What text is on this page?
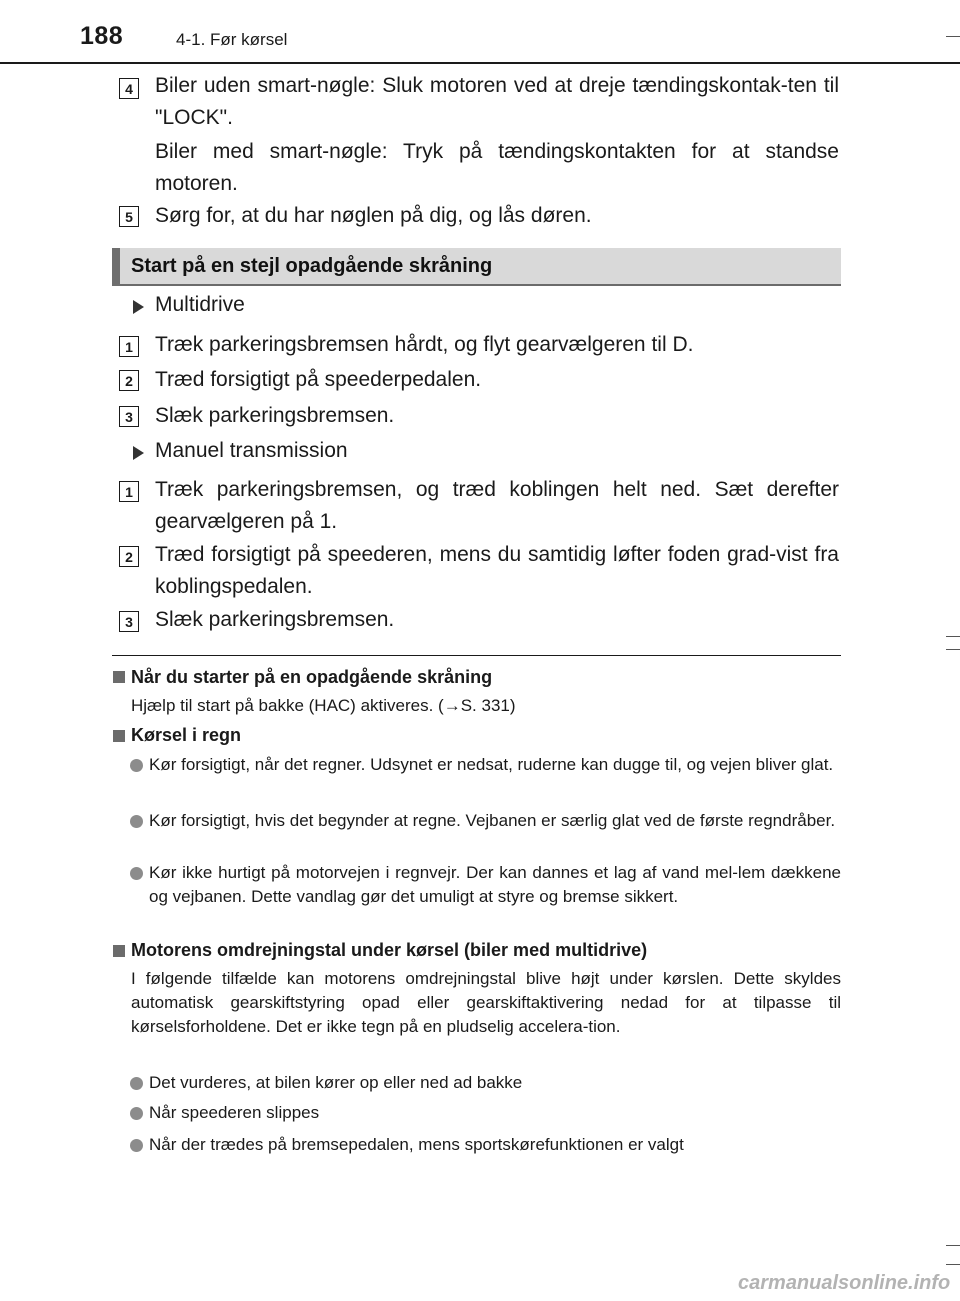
188	4-1. Før kørsel
4 Biler uden smart-nøgle: Sluk motoren ved at dreje tændingskontak-ten til "LOCK".
Biler med smart-nøgle: Tryk på tændingskontakten for at standse motoren.
5 Sørg for, at du har nøglen på dig, og lås døren.
Start på en stejl opadgående skråning
Multidrive
1 Træk parkeringsbremsen hårdt, og flyt gearvælgeren til D.
2 Træd forsigtigt på speederpedalen.
3 Slæk parkeringsbremsen.
Manuel transmission
1 Træk parkeringsbremsen, og træd koblingen helt ned. Sæt derefter gearvælgeren på 1.
2 Træd forsigtigt på speederen, mens du samtidig løfter foden grad-vist fra koblingspedalen.
3 Slæk parkeringsbremsen.
Når du starter på en opadgående skråning
Hjælp til start på bakke (HAC) aktiveres. (→S. 331)
Kørsel i regn
Kør forsigtigt, når det regner. Udsynet er nedsat, ruderne kan dugge til, og vejen bliver glat.
Kør forsigtigt, hvis det begynder at regne. Vejbanen er særlig glat ved de første regndråber.
Kør ikke hurtigt på motorvejen i regnvejr. Der kan dannes et lag af vand mel-lem dækkene og vejbanen. Dette vandlag gør det umuligt at styre og bremse sikkert.
Motorens omdrejningstal under kørsel (biler med multidrive)
I følgende tilfælde kan motorens omdrejningstal blive højt under kørslen. Dette skyldes automatisk gearskiftstyring opad eller gearskiftaktivering nedad for at tilpasse til kørselsforholdene. Det er ikke tegn på en pludselig accelera-tion.
Det vurderes, at bilen kører op eller ned ad bakke
Når speederen slippes
Når der trædes på bremsepedalen, mens sportskørefunktionen er valgt
carmanualsonline.info
